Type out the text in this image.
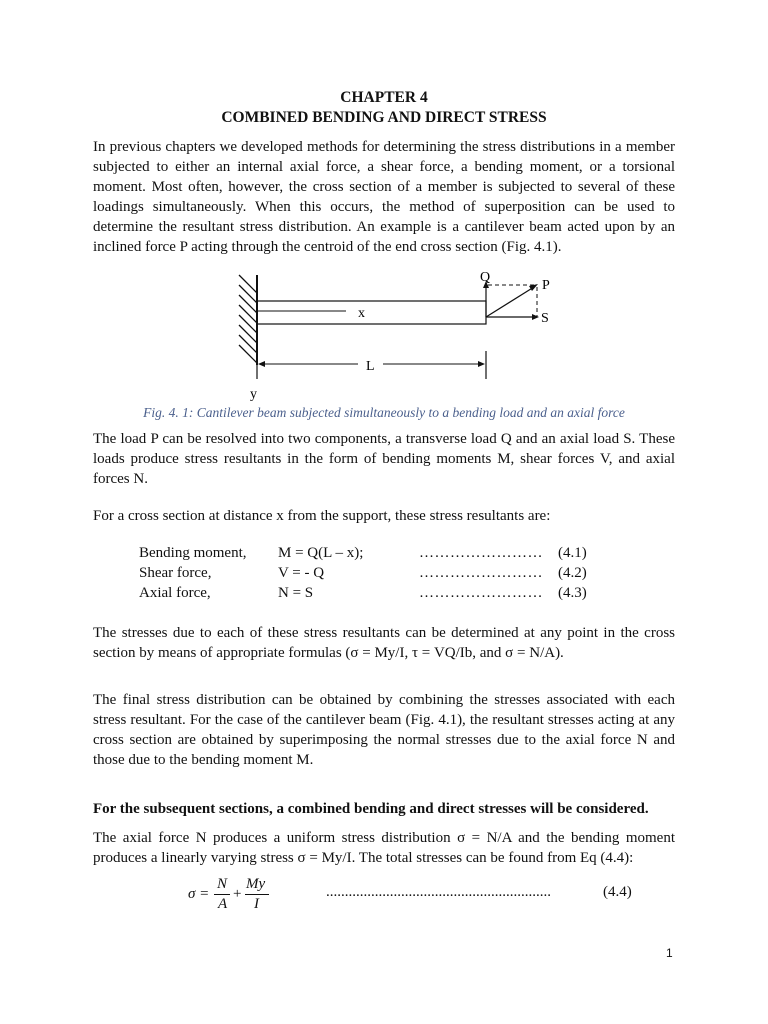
CHAPTER 4
COMBINED BENDING AND DIRECT STRESS
In previous chapters we developed methods for determining the stress distributions in a member subjected to either an internal axial force, a shear force, a bending moment, or a torsional moment. Most often, however, the cross section of a member is subjected to several of these loadings simultaneously. When this occurs, the method of superposition can be used to determine the resultant stress distribution. An example is a cantilever beam acted upon by an inclined force P acting through the centroid of the end cross section (Fig. 4.1).
x
Q
P
S
L
y
Fig. 4. 1: Cantilever beam subjected simultaneously to a bending load and an axial force
The load P can be resolved into two components, a transverse load Q and an axial load S. These loads produce stress resultants in the form of bending moments M, shear forces V, and axial forces N.
For a cross section at distance x from the support, these stress resultants are:
Bending moment, M = Q(L – x);	…………………… (4.1)
Shear force,	V = - Q	…………………… (4.2)
Axial force,	N = S	…………………… (4.3)
The stresses due to each of these stress resultants can be determined at any point in the cross section by means of appropriate formulas (σ = My/I, τ = VQ/Ib, and σ = N/A).
The final stress distribution can be obtained by combining the stresses associated with each stress resultant. For the case of the cantilever beam (Fig. 4.1), the resultant stresses acting at any cross section are obtained by superimposing the normal stresses due to the axial force N and those due to the bending moment M.
For the subsequent sections, a combined bending and direct stresses will be considered.
The axial force N produces a uniform stress distribution σ = N/A and the bending moment produces a linearly varying stress σ = My/I. The total stresses can be found from Eq (4.4):
σ =
N
A
+
My
I
............................................................	(4.4)
1
